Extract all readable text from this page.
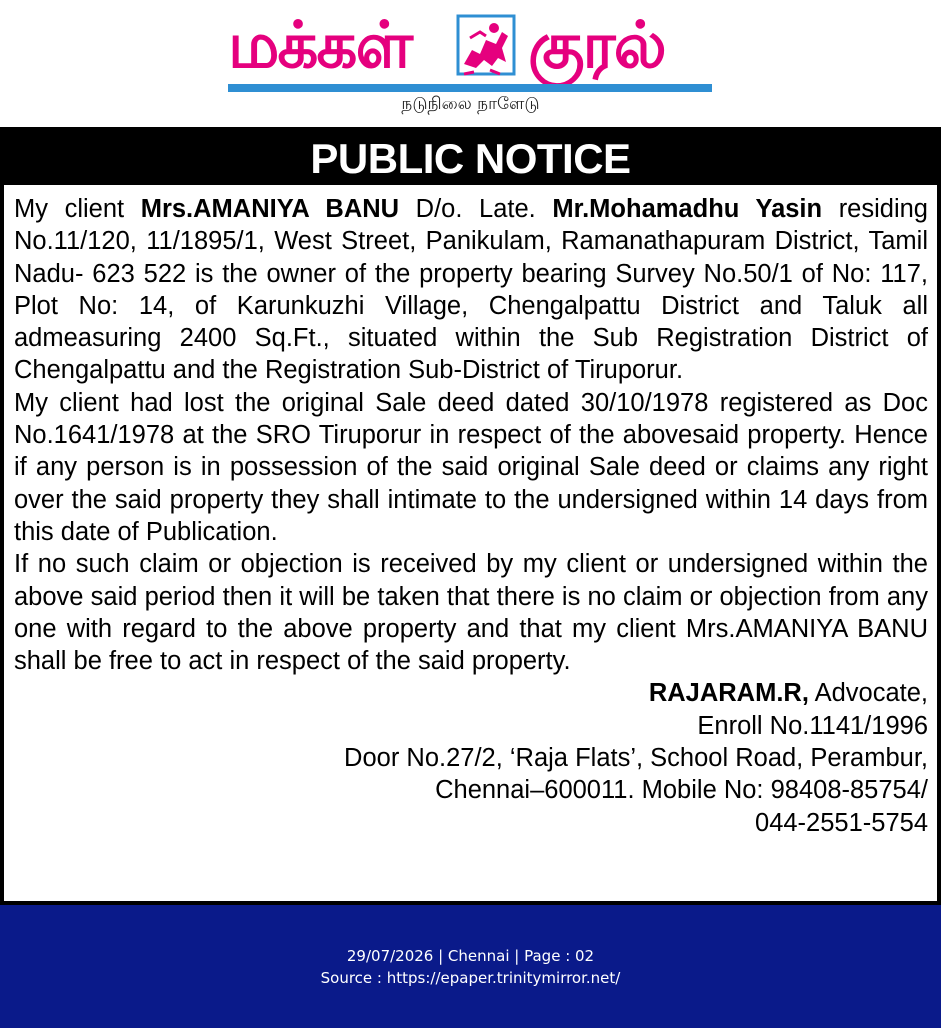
மக்கள் குரல்
நடுநிலை நாளேடு
PUBLIC NOTICE

My client Mrs.AMANIYA BANU D/o. Late. Mr.Mohamadhu Yasin residing No.11/120, 11/1895/1, West Street, Panikulam, Ramanathapuram District, Tamil Nadu- 623 522 is the owner of the property bearing Survey No.50/1 of No: 117, Plot No: 14, of Karunkuzhi Village, Chengalpattu District and Taluk all admeasuring 2400 Sq.Ft., situated within the Sub Registration District of Chengalpattu and the Registration Sub-District of Tiruporur.

My client had lost the original Sale deed dated 30/10/1978 registered as Doc No.1641/1978 at the SRO Tiruporur in respect of the abovesaid property. Hence if any person is in possession of the said original Sale deed or claims any right over the said property they shall intimate to the undersigned within 14 days from this date of Publication.

If no such claim or objection is received by my client or undersigned within the above said period then it will be taken that there is no claim or objection from any one with regard to the above property and that my client Mrs.AMANIYA BANU shall be free to act in respect of the said property.

RAJARAM.R, Advocate,
Enroll No.1141/1996
Door No.27/2, ‘Raja Flats’, School Road, Perambur,
Chennai–600011. Mobile No: 98408-85754/
044-2551-5754
29/07/2026 | Chennai | Page : 02
Source : https://epaper.trinitymirror.net/
